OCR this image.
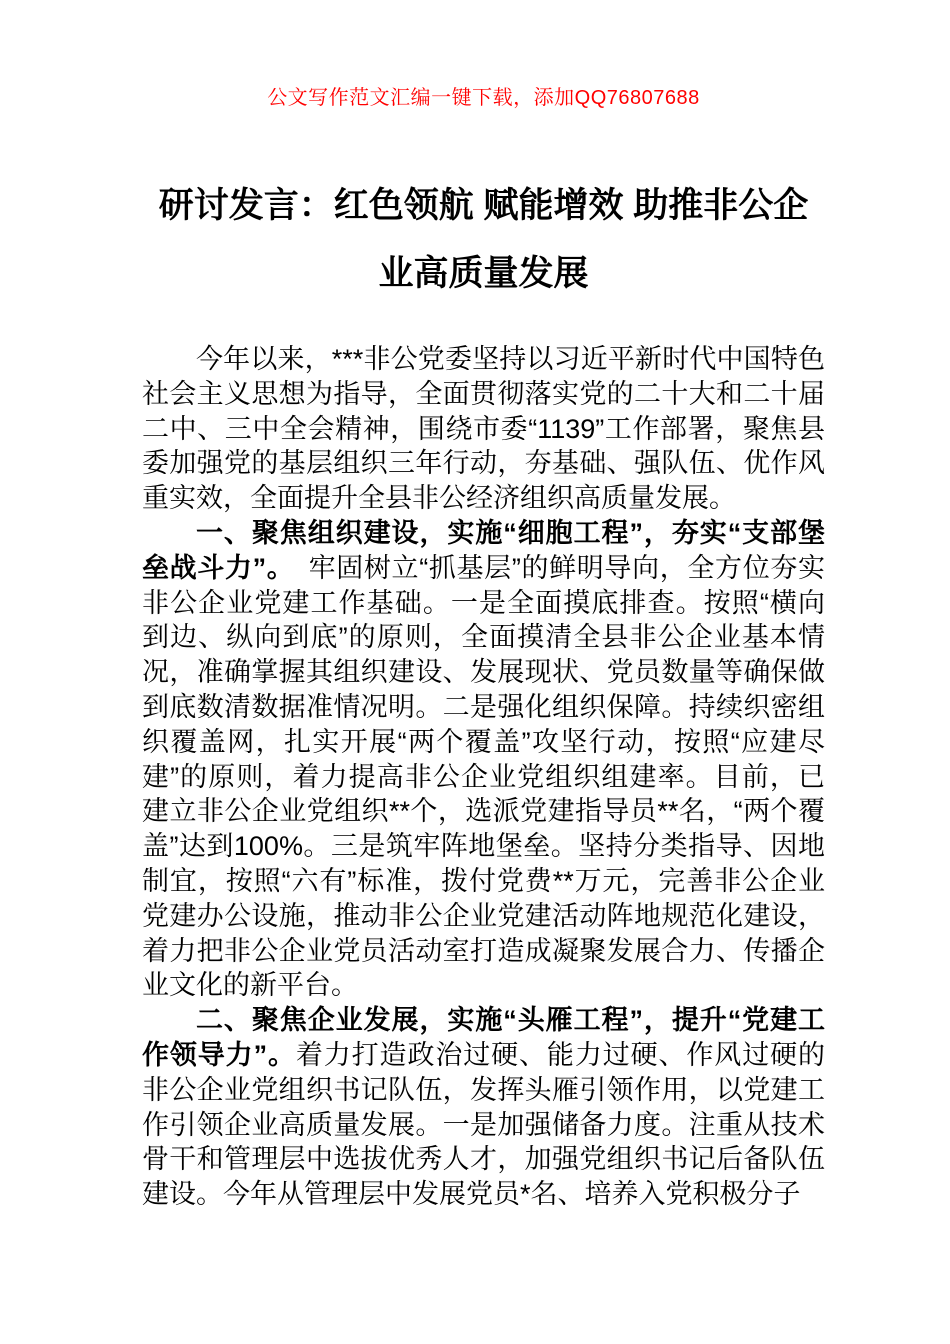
公文写作范文汇编一键下载，添加QQ76807688
研讨发言：红色领航 赋能增效 助推非公企
业高质量发展

今年以来，***非公党委坚持以习近平新时代中国特色社会主义思想为指导，全面贯彻落实党的二十大和二十届二中、三中全会精神，围绕市委“1139”工作部署，聚焦县委加强党的基层组织三年行动，夯基础、强队伍、优作风重实效，全面提升全县非公经济组织高质量发展。

一、聚焦组织建设，实施“细胞工程”，夯实“支部堡垒战斗力”。　牢固树立“抓基层”的鲜明导向，全方位夯实非公企业党建工作基础。一是全面摸底排查。按照“横向到边、纵向到底”的原则，全面摸清全县非公企业基本情况，准确掌握其组织建设、发展现状、党员数量等确保做到底数清数据准情况明。二是强化组织保障。持续织密组织覆盖网，扎实开展“两个覆盖”攻坚行动，按照“应建尽建”的原则，着力提高非公企业党组织组建率。目前，已建立非公企业党组织**个，选派党建指导员**名，“两个覆盖”达到100%。三是筑牢阵地堡垒。坚持分类指导、因地制宜，按照“六有”标准，拨付党费**万元，完善非公企业党建办公设施，推动非公企业党建活动阵地规范化建设，着力把非公企业党员活动室打造成凝聚发展合力、传播企业文化的新平台。

二、聚焦企业发展，实施“头雁工程”，提升“党建工作领导力”。着力打造政治过硬、能力过硬、作风过硬的非公企业党组织书记队伍，发挥头雁引领作用，以党建工作引领企业高质量发展。一是加强储备力度。注重从技术骨干和管理层中选拔优秀人才，加强党组织书记后备队伍建设。今年从管理层中发展党员*名、培养入党积极分子
